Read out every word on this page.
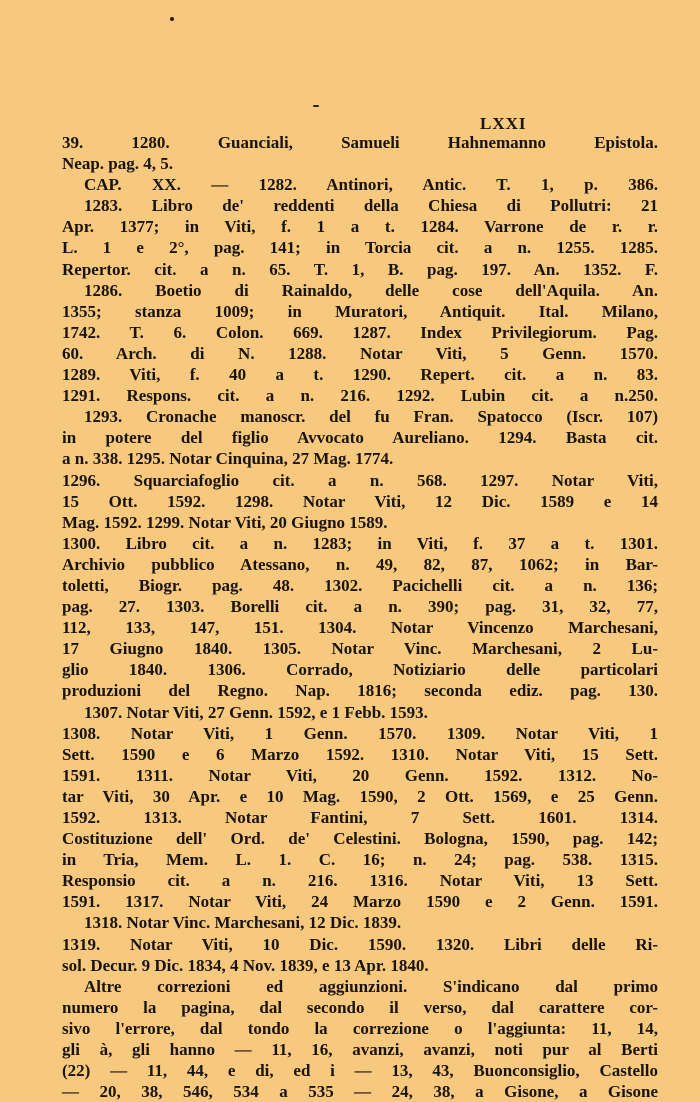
LXXI
39. 1280. Guanciali, Samueli Hahnemanno Epistola.
Neap. pag. 4, 5.
CAP. XX. — 1282. Antinori, Antic. T. 1, p. 386.
1283. Libro de' reddenti della Chiesa di Pollutri: 21
Apr. 1377; in Viti, f. 1 a t. 1284. Varrone de r. r.
L. 1 e 2°, pag. 141; in Torcia cit. a n. 1255. 1285.
Repertor. cit. a n. 65. T. 1, B. pag. 197. An. 1352. F.
1286. Boetio di Rainaldo, delle cose dell'Aquila. An.
1355; stanza 1009; in Muratori, Antiquit. Ital. Milano,
1742. T. 6. Colon. 669. 1287. Index Privilegiorum. Pag.
60. Arch. di N. 1288. Notar Viti, 5 Genn. 1570.
1289. Viti, f. 40 a t. 1290. Repert. cit. a n. 83.
1291. Respons. cit. a n. 216. 1292. Lubin cit. a n.250.
1293. Cronache manoscr. del fu Fran. Spatocco (Iscr. 107)
in potere del figlio Avvocato Aureliano. 1294. Basta cit.
a n. 338. 1295. Notar Cinquina, 27 Mag. 1774.
1296. Squarciafoglio cit. a n. 568. 1297. Notar Viti,
15 Ott. 1592. 1298. Notar Viti, 12 Dic. 1589 e 14
Mag. 1592. 1299. Notar Viti, 20 Giugno 1589.
1300. Libro cit. a n. 1283; in Viti, f. 37 a t. 1301.
Archivio pubblico Atessano, n. 49, 82, 87, 1062; in Bar-
toletti, Biogr. pag. 48. 1302. Pacichelli cit. a n. 136;
pag. 27. 1303. Borelli cit. a n. 390; pag. 31, 32, 77,
112, 133, 147, 151. 1304. Notar Vincenzo Marchesani,
17 Giugno 1840. 1305. Notar Vinc. Marchesani, 2 Lu-
glio 1840. 1306. Corrado, Notiziario delle particolari
produzioni del Regno. Nap. 1816; seconda ediz. pag. 130.
1307. Notar Viti, 27 Genn. 1592, e 1 Febb. 1593.
1308. Notar Viti, 1 Genn. 1570. 1309. Notar Viti, 1
Sett. 1590 e 6 Marzo 1592. 1310. Notar Viti, 15 Sett.
1591. 1311. Notar Viti, 20 Genn. 1592. 1312. No-
tar Viti, 30 Apr. e 10 Mag. 1590, 2 Ott. 1569, e 25 Genn.
1592. 1313. Notar Fantini, 7 Sett. 1601. 1314.
Costituzione dell' Ord. de' Celestini. Bologna, 1590, pag. 142;
in Tria, Mem. L. 1. C. 16; n. 24; pag. 538. 1315.
Responsio cit. a n. 216. 1316. Notar Viti, 13 Sett.
1591. 1317. Notar Viti, 24 Marzo 1590 e 2 Genn. 1591.
1318. Notar Vinc. Marchesani, 12 Dic. 1839.
1319. Notar Viti, 10 Dic. 1590. 1320. Libri delle Ri-
sol. Decur. 9 Dic. 1834, 4 Nov. 1839, e 13 Apr. 1840.
Altre correzioni ed aggiunzioni. S'indicano dal primo
numero la pagina, dal secondo il verso, dal carattere cor-
sivo l'errore, dal tondo la correzione o l'aggiunta: 11, 14,
gli à, gli hanno — 11, 16, avanzi, avanzi, noti pur al Berti
(22) — 11, 44, e di, ed i — 13, 43, Buonconsiglio, Castello
— 20, 38, 546, 534 a 535 — 24, 38, a Gisone, a Gisone
